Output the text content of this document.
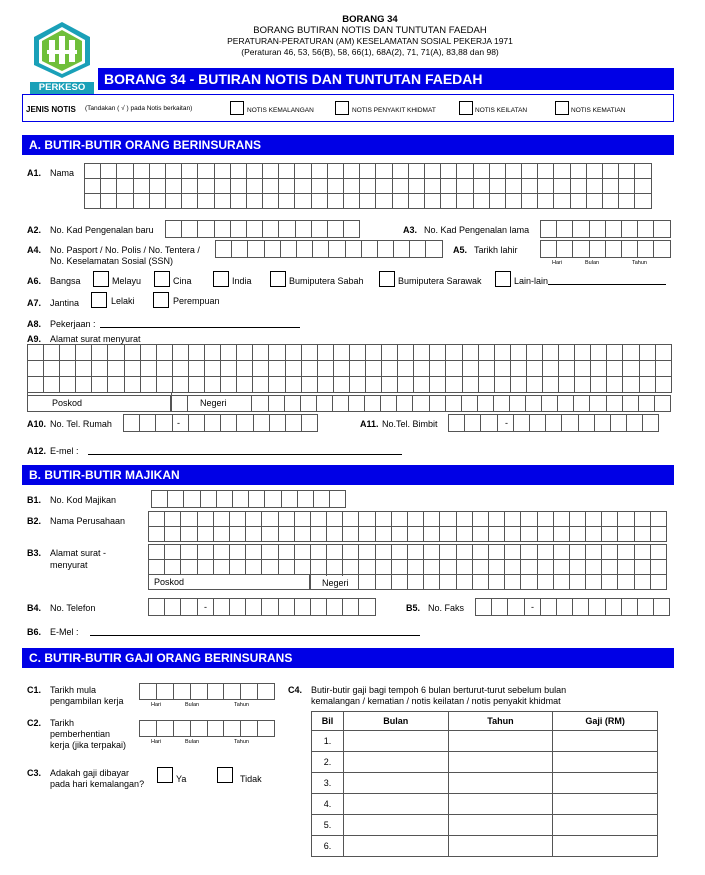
BORANG 34
BORANG BUTIRAN NOTIS DAN TUNTUTAN FAEDAH
PERATURAN-PERATURAN (AM) KESELAMATAN SOSIAL PEKERJA 1971
(Peraturan 46, 53, 56(B), 58, 66(1), 68A(2), 71, 71(A), 83,88 dan 98)
PERKESO
BORANG 34 - BUTIRAN NOTIS DAN TUNTUTAN FAEDAH
JENIS NOTIS (Tandakan ( √ ) pada Notis berkaitan)	NOTIS KEMALANGAN	NOTIS PENYAKIT KHIDMAT	NOTIS KEILATAN	NOTIS KEMATIAN
A. BUTIR-BUTIR ORANG BERINSURANS
A1. Nama
A2. No. Kad Pengenalan baru	A3. No. Kad Pengenalan lama
A4. No. Pasport / No. Polis / No. Tentera /
No. Keselamatan Sosial (SSN)
A5. Tarikh lahir
Hari	Bulan	Tahun
A6. Bangsa	Melayu	Cina	India	Bumiputera Sabah	Bumiputera Sarawak	Lain-lain
A7. Jantina	Lelaki	Perempuan
A8. Pekerjaan :
A9. Alamat surat menyurat
Poskod	Negeri
A10. No. Tel. Rumah	-	A11. No.Tel. Bimbit	-
A12. E-mel :
B. BUTIR-BUTIR MAJIKAN
B1. No. Kod Majikan
B2. Nama Perusahaan
B3. Alamat surat -
menyurat
Poskod	Negeri
B4. No. Telefon	-	B5. No. Faks	-
B6. E-Mel :
C. BUTIR-BUTIR GAJI ORANG BERINSURANS
C1. Tarikh mula
pengambilan kerja	Hari	Bulan	Tahun
C2. Tarikh
pemberhentian
kerja (jika terpakai)	Hari	Bulan	Tahun
C3. Adakah gaji dibayar
pada hari kemalangan?	Ya	Tidak
C4. Butir-butir gaji bagi tempoh 6 bulan berturut-turut sebelum bulan
kemalangan / kematian / notis keilatan / notis penyakit khidmat
Bil	Bulan	Tahun	Gaji (RM)
1.			
2.			
3.			
4.			
5.			
6.			
